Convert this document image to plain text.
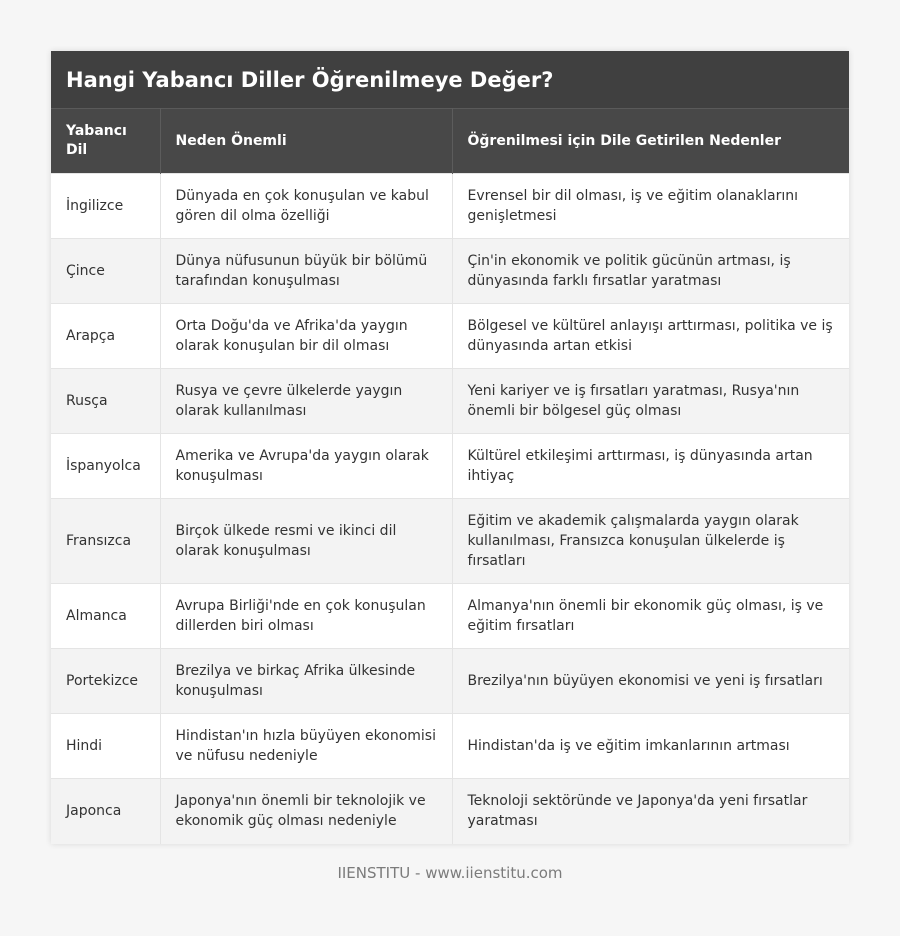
Hangi Yabancı Diller Öğrenilmeye Değer?
Yabancı Dil	Neden Önemli	Öğrenilmesi için Dile Getirilen Nedenler
İngilizce	Dünyada en çok konuşulan ve kabul gören dil olma özelliği	Evrensel bir dil olması, iş ve eğitim olanaklarını genişletmesi
Çince	Dünya nüfusunun büyük bir bölümü tarafından konuşulması	Çin'in ekonomik ve politik gücünün artması, iş dünyasında farklı fırsatlar yaratması
Arapça	Orta Doğu'da ve Afrika'da yaygın olarak konuşulan bir dil olması	Bölgesel ve kültürel anlayışı arttırması, politika ve iş dünyasında artan etkisi
Rusça	Rusya ve çevre ülkelerde yaygın olarak kullanılması	Yeni kariyer ve iş fırsatları yaratması, Rusya'nın önemli bir bölgesel güç olması
İspanyolca	Amerika ve Avrupa'da yaygın olarak konuşulması	Kültürel etkileşimi arttırması, iş dünyasında artan ihtiyaç
Fransızca	Birçok ülkede resmi ve ikinci dil olarak konuşulması	Eğitim ve akademik çalışmalarda yaygın olarak kullanılması, Fransızca konuşulan ülkelerde iş fırsatları
Almanca	Avrupa Birliği'nde en çok konuşulan dillerden biri olması	Almanya'nın önemli bir ekonomik güç olması, iş ve eğitim fırsatları
Portekizce	Brezilya ve birkaç Afrika ülkesinde konuşulması	Brezilya'nın büyüyen ekonomisi ve yeni iş fırsatları
Hindi	Hindistan'ın hızla büyüyen ekonomisi ve nüfusu nedeniyle	Hindistan'da iş ve eğitim imkanlarının artması
Japonca	Japonya'nın önemli bir teknolojik ve ekonomik güç olması nedeniyle	Teknoloji sektöründe ve Japonya'da yeni fırsatlar yaratması
IIENSTITU - www.iienstitu.com
